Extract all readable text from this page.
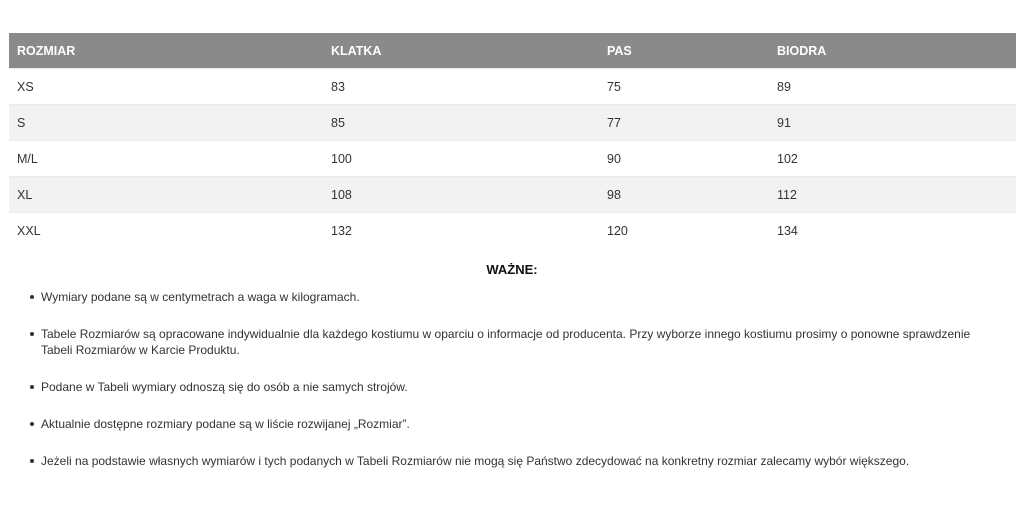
ROZMIAR	KLATKA	PAS	BIODRA
XS	83	75	89
S	85	77	91
M/L	100	90	102
XL	108	98	112
XXL	132	120	134
WAŻNE:
Wymiary podane są w centymetrach a waga w kilogramach.
Tabele Rozmiarów są opracowane indywidualnie dla każdego kostiumu w oparciu o informacje od producenta. Przy wyborze innego kostiumu prosimy o ponowne sprawdzenie Tabeli Rozmiarów w Karcie Produktu.
Podane w Tabeli wymiary odnoszą się do osób a nie samych strojów.
Aktualnie dostępne rozmiary podane są w liście rozwijanej „Rozmiar”.
Jeżeli na podstawie własnych wymiarów i tych podanych w Tabeli Rozmiarów nie mogą się Państwo zdecydować na konkretny rozmiar zalecamy wybór większego.
